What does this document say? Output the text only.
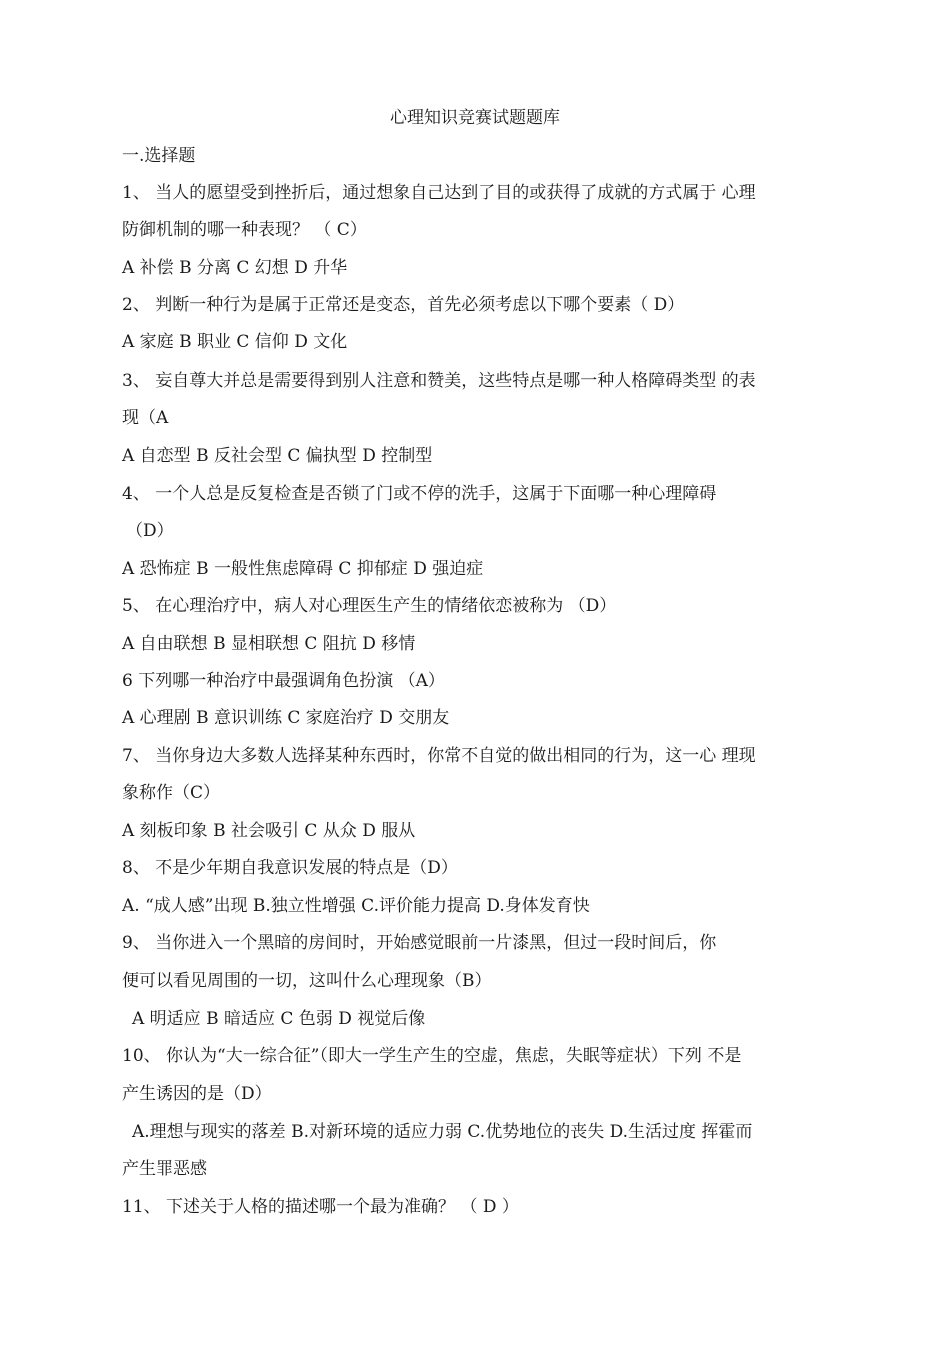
心理知识竞赛试题题库
一.选择题
1、 当人的愿望受到挫折后，通过想象自己达到了目的或获得了成就的方式属于 心理
防御机制的哪一种表现？ （ C）
A 补偿 B 分离 C 幻想 D 升华
2、 判断一种行为是属于正常还是变态，首先必须考虑以下哪个要素（ D）
A 家庭 B 职业 C 信仰 D 文化
3、 妄自尊大并总是需要得到别人注意和赞美，这些特点是哪一种人格障碍类型 的表
现（A
A 自恋型 B 反社会型 C 偏执型 D 控制型
4、 一个人总是反复检查是否锁了门或不停的洗手，这属于下面哪一种心理障碍
（D）
A 恐怖症 B 一般性焦虑障碍 C 抑郁症 D 强迫症
5、 在心理治疗中，病人对心理医生产生的情绪依恋被称为 （D）
A 自由联想 B 显相联想 C 阻抗 D 移情
6 下列哪一种治疗中最强调角色扮演 （A）
A 心理剧 B 意识训练 C 家庭治疗 D 交朋友
7、 当你身边大多数人选择某种东西时，你常不自觉的做出相同的行为，这一心 理现
象称作（C）
A 刻板印象 B 社会吸引 C 从众 D 服从
8、 不是少年期自我意识发展的特点是（D）
A. “成人感”出现 B.独立性增强 C.评价能力提高 D.身体发育快
9、 当你进入一个黑暗的房间时，开始感觉眼前一片漆黑，但过一段时间后，你
便可以看见周围的一切，这叫什么心理现象（B）
A 明适应 B 暗适应 C 色弱 D 视觉后像
10、 你认为“大一综合征”（即大一学生产生的空虚，焦虑，失眠等症状）下列 不是
产生诱因的是（D）
A.理想与现实的落差 B.对新环境的适应力弱 C.优势地位的丧失 D.生活过度 挥霍而
产生罪恶感
11、 下述关于人格的描述哪一个最为准确？ （ D ）
